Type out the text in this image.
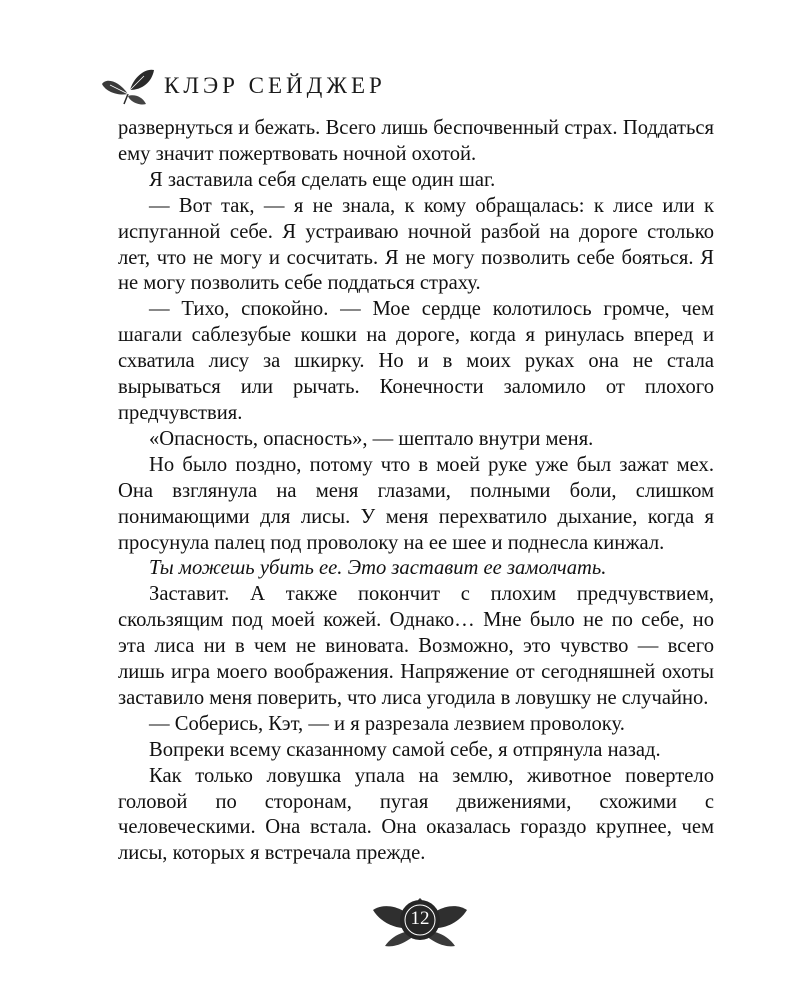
КЛЭР СЕЙДЖЕР

развернуться и бежать. Всего лишь беспочвенный страх. Поддаться ему значит пожертвовать ночной охотой.

Я заставила себя сделать еще один шаг.

— Вот так, — я не знала, к кому обращалась: к лисе или к испуганной себе. Я устраиваю ночной разбой на дороге столько лет, что не могу и сосчитать. Я не могу позволить себе бояться. Я не могу позволить себе поддаться страху.

— Тихо, спокойно. — Мое сердце колотилось громче, чем шагали саблезубые кошки на дороге, когда я ринулась вперед и схватила лису за шкирку. Но и в моих руках она не стала вырываться или рычать. Конечности заломило от плохого предчувствия.

«Опасность, опасность», — шептало внутри меня.

Но было поздно, потому что в моей руке уже был зажат мех. Она взглянула на меня глазами, полными боли, слишком понимающими для лисы. У меня перехватило дыхание, когда я просунула палец под проволоку на ее шее и поднесла кинжал.

Ты можешь убить ее. Это заставит ее замолчать.

Заставит. А также покончит с плохим предчувствием, скользящим под моей кожей. Однако… Мне было не по себе, но эта лиса ни в чем не виновата. Возможно, это чувство — всего лишь игра моего воображения. Напряжение от сегодняшней охоты заставило меня поверить, что лиса угодила в ловушку не случайно.

— Соберись, Кэт, — и я разрезала лезвием проволоку.

Вопреки всему сказанному самой себе, я отпрянула назад.

Как только ловушка упала на землю, животное повертело головой по сторонам, пугая движениями, схожими с человеческими. Она встала. Она оказалась гораздо крупнее, чем лисы, которых я встречала прежде.

12
